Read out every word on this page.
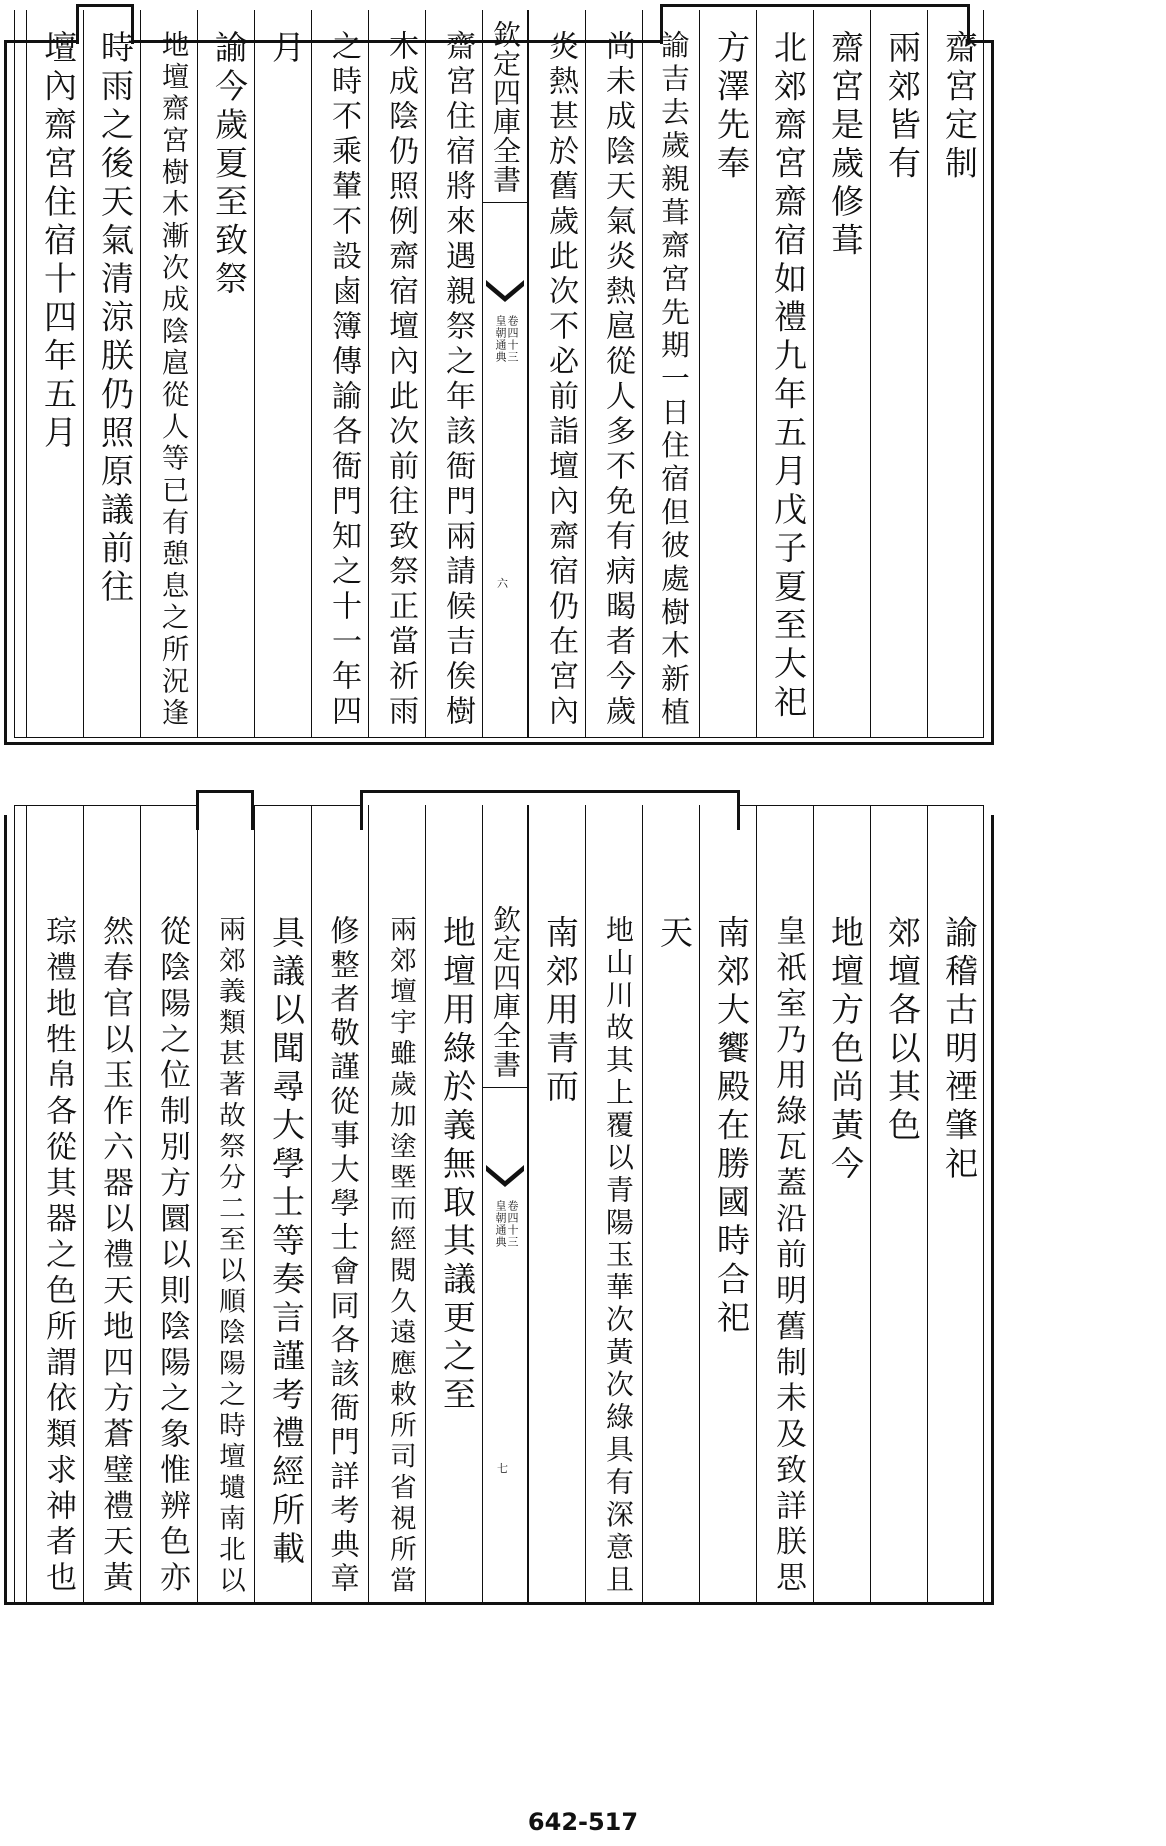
齋宮定制
兩郊皆有
齋宮是歲修葺
北郊齋宮齋宿如禮九年五月戊子夏至大祀
方澤先奉
諭吉去歲親葺齋宮先期一日住宿但彼處樹木新植
尚未成陰天氣炎熱扈從人多不免有病暍者今歲
炎熱甚於舊歲此次不必前詣壇內齋宿仍在宮內
欽定四庫全書
皇朝通典 卷四十三
六
齋宮住宿將來遇親祭之年該衙門兩請候吉俟樹
木成陰仍照例齋宿壇內此次前往致祭正當祈雨
之時不乘輦不設鹵簿傳諭各衙門知之十一年四
月
諭今歲夏至致祭
地壇齋宮樹木漸次成陰扈從人等已有憩息之所況逢
時雨之後天氣清涼朕仍照原議前往
壇內齋宮住宿十四年五月
諭稽古明禋肇祀
郊壇各以其色
地壇方色尚黃今
皇祇室乃用綠瓦蓋沿前明舊制未及致詳朕思
南郊大饗殿在勝國時合祀
天
地山川故其上覆以青陽玉華次黃次綠具有深意且
南郊用青而
欽定四庫全書
皇朝通典 卷四十三
七
地壇用綠於義無取其議更之至
兩郊壇宇雖歲加塗塈而經閱久遠應敕所司省視所當
修整者敬謹從事大學士會同各該衙門詳考典章
具議以聞尋大學士等奏言謹考禮經所載
兩郊義類甚著故祭分二至以順陰陽之時壇壝南北以
從陰陽之位制別方圜以則陰陽之象惟辨色亦
然春官以玉作六器以禮天地四方蒼璧禮天黃
琮禮地牲帛各從其器之色所謂依類求神者也
642-517
